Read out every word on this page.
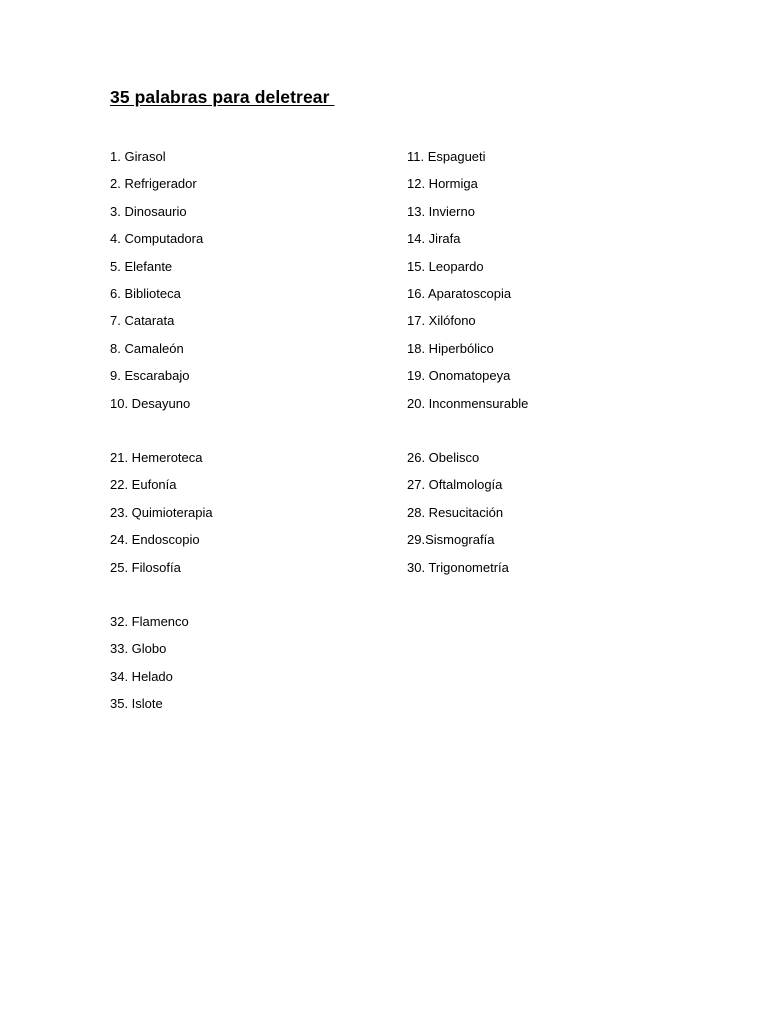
35 palabras para deletrear
1. Girasol
2. Refrigerador
3. Dinosaurio
4. Computadora
5. Elefante
6. Biblioteca
7. Catarata
8. Camaleón
9. Escarabajo
10. Desayuno
11. Espagueti
12. Hormiga
13. Invierno
14. Jirafa
15. Leopardo
16. Aparatoscopia
17. Xilófono
18. Hiperbólico
19. Onomatopeya
20. Inconmensurable
21. Hemeroteca
22. Eufonía
23. Quimioterapia
24. Endoscopio
25. Filosofía
26. Obelisco
27. Oftalmología
28. Resucitación
29.Sismografía
30. Trigonometría
32. Flamenco
33. Globo
34. Helado
35. Islote
